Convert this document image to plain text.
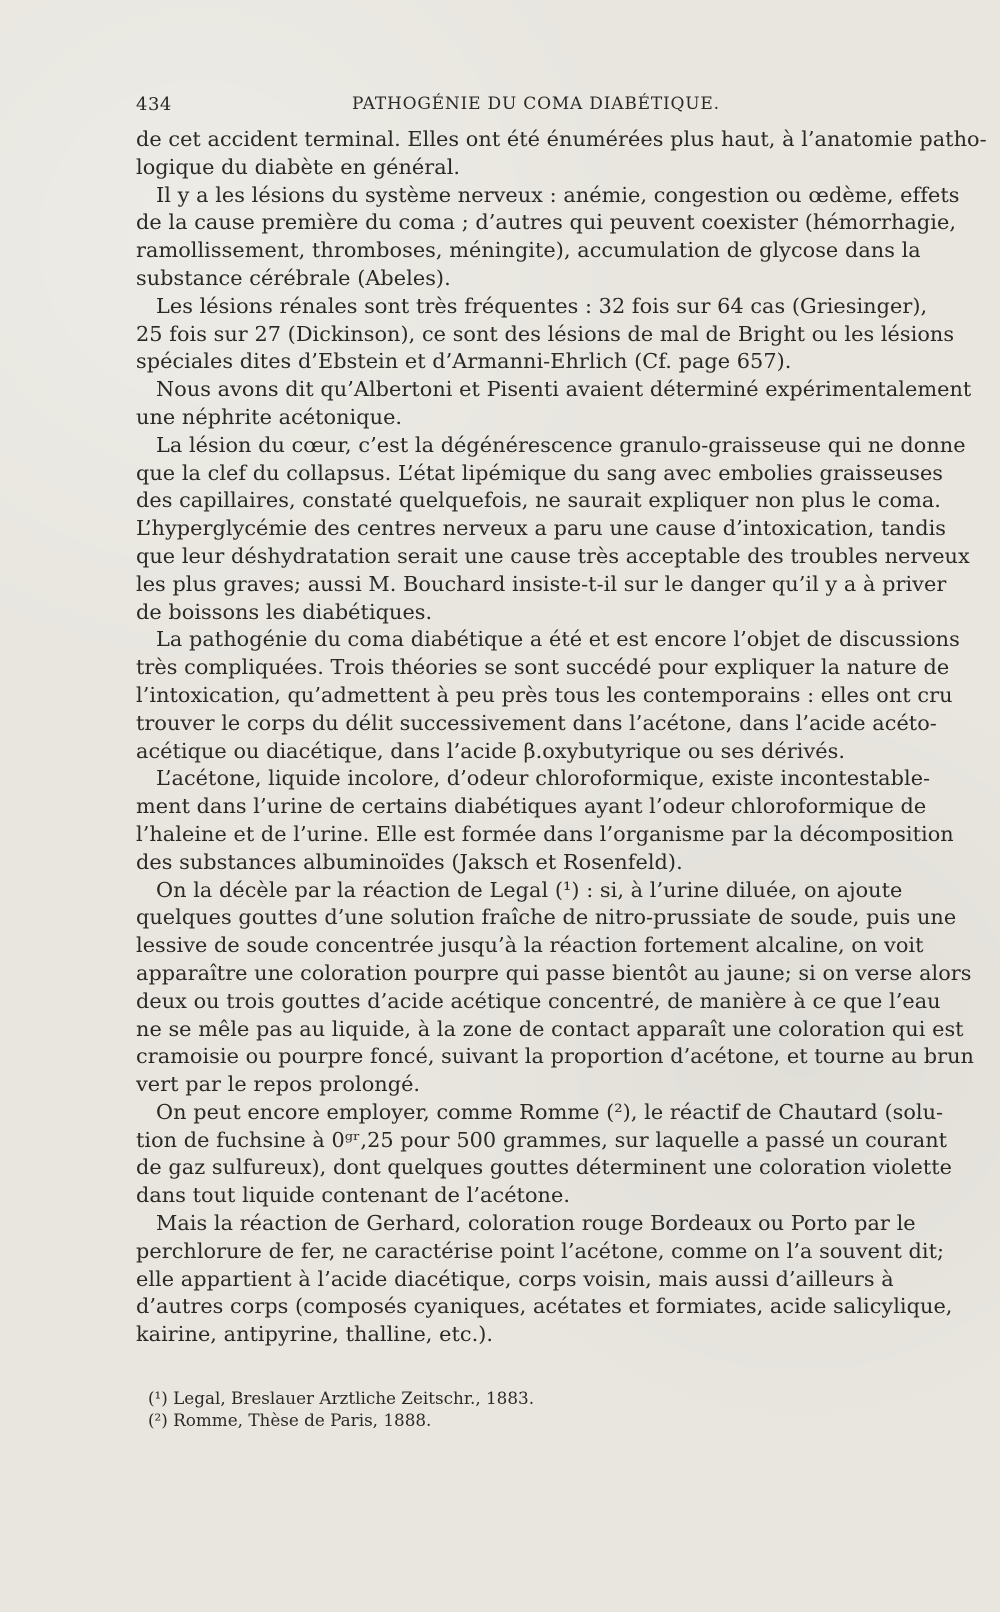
434	PATHOGÉNIE DU COMA DIABÉTIQUE.
de cet accident terminal. Elles ont été énumérées plus haut, à l’anatomie patho-
logique du diabète en général.
Il y a les lésions du système nerveux : anémie, congestion ou œdème, effets
de la cause première du coma ; d’autres qui peuvent coexister (hémorrhagie,
ramollissement, thromboses, méningite), accumulation de glycose dans la
substance cérébrale (Abeles).
Les lésions rénales sont très fréquentes : 32 fois sur 64 cas (Griesinger),
25 fois sur 27 (Dickinson), ce sont des lésions de mal de Bright ou les lésions
spéciales dites d’Ebstein et d’Armanni-Ehrlich (Cf. page 657).
Nous avons dit qu’Albertoni et Pisenti avaient déterminé expérimentalement
une néphrite acétonique.
La lésion du cœur, c’est la dégénérescence granulo-graisseuse qui ne donne
que la clef du collapsus. L’état lipémique du sang avec embolies graisseuses
des capillaires, constaté quelquefois, ne saurait expliquer non plus le coma.
L’hyperglycémie des centres nerveux a paru une cause d’intoxication, tandis
que leur déshydratation serait une cause très acceptable des troubles nerveux
les plus graves; aussi M. Bouchard insiste-t-il sur le danger qu’il y a à priver
de boissons les diabétiques.
La pathogénie du coma diabétique a été et est encore l’objet de discussions
très compliquées. Trois théories se sont succédé pour expliquer la nature de
l’intoxication, qu’admettent à peu près tous les contemporains : elles ont cru
trouver le corps du délit successivement dans l’acétone, dans l’acide acéto-
acétique ou diacétique, dans l’acide β.oxybutyrique ou ses dérivés.
L’acétone, liquide incolore, d’odeur chloroformique, existe incontestable-
ment dans l’urine de certains diabétiques ayant l’odeur chloroformique de
l’haleine et de l’urine. Elle est formée dans l’organisme par la décomposition
des substances albuminoïdes (Jaksch et Rosenfeld).
On la décèle par la réaction de Legal (¹) : si, à l’urine diluée, on ajoute
quelques gouttes d’une solution fraîche de nitro-prussiate de soude, puis une
lessive de soude concentrée jusqu’à la réaction fortement alcaline, on voit
apparaître une coloration pourpre qui passe bientôt au jaune; si on verse alors
deux ou trois gouttes d’acide acétique concentré, de manière à ce que l’eau
ne se mêle pas au liquide, à la zone de contact apparaît une coloration qui est
cramoisie ou pourpre foncé, suivant la proportion d’acétone, et tourne au brun
vert par le repos prolongé.
On peut encore employer, comme Romme (²), le réactif de Chautard (solu-
tion de fuchsine à 0ᵍʳ,25 pour 500 grammes, sur laquelle a passé un courant
de gaz sulfureux), dont quelques gouttes déterminent une coloration violette
dans tout liquide contenant de l’acétone.
Mais la réaction de Gerhard, coloration rouge Bordeaux ou Porto par le
perchlorure de fer, ne caractérise point l’acétone, comme on l’a souvent dit;
elle appartient à l’acide diacétique, corps voisin, mais aussi d’ailleurs à
d’autres corps (composés cyaniques, acétates et formiates, acide salicylique,
kairine, antipyrine, thalline, etc.).
(¹) Legal, Breslauer Arztliche Zeitschr., 1883.
(²) Romme, Thèse de Paris, 1888.
